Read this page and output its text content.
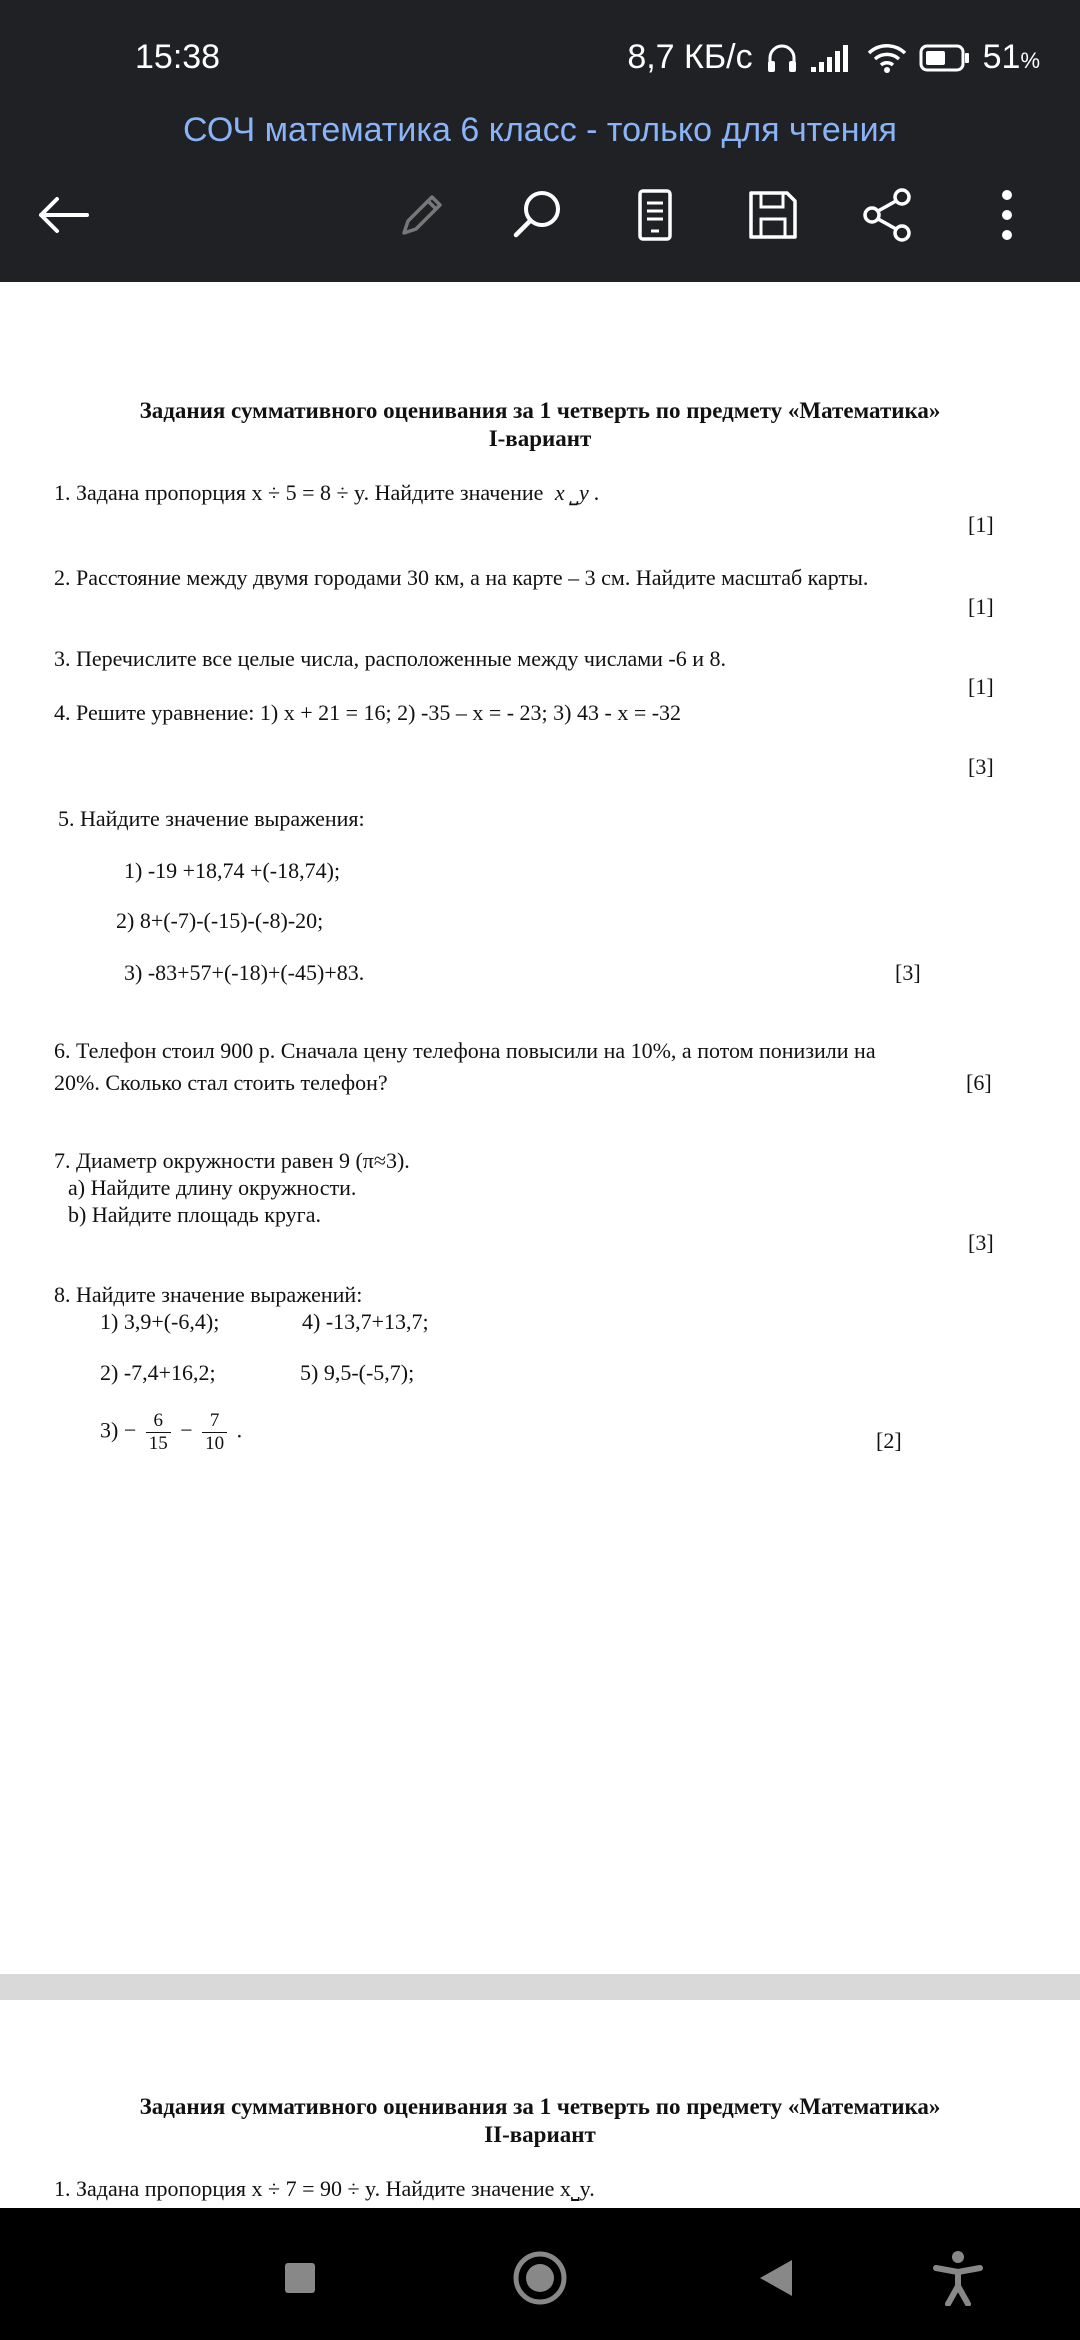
15:38	8,7 КБ/с	51%
СОЧ математика 6 класс - только для чтения
Задания суммативного оценивания за 1 четверть по предмету «Математика»
I-вариант
1. Задана пропорция x ÷ 5 = 8 ÷ y. Найдите значение x ⎵y .
[1]
2. Расстояние между двумя городами 30 км, а на карте – 3 см. Найдите масштаб карты.
[1]
3. Перечислите все целые числа, расположенные между числами -6 и 8.
[1]
4. Решите уравнение: 1) x + 21 = 16; 2) -35 – x = - 23; 3) 43 - x = -32
[3]
5. Найдите значение выражения:
1) -19 +18,74 +(-18,74);
2) 8+(-7)-(-15)-(-8)-20;
3) -83+57+(-18)+(-45)+83.	[3]
6. Телефон стоил 900 р. Сначала цену телефона повысили на 10%, а потом понизили на
20%. Сколько стал стоить телефон?	[6]
7. Диаметр окружности равен 9 (π≈3).
a) Найдите длину окружности.
b) Найдите площадь круга.
[3]
8. Найдите значение выражений:
1) 3,9+(-6,4);	4) -13,7+13,7;
2) -7,4+16,2;	5) 9,5-(-5,7);
$3) - \frac{6}{15} - \frac{7}{10}$ .	[2]
Задания суммативного оценивания за 1 четверть по предмету «Математика»
II-вариант
1. Задана пропорция x ÷ 7 = 90 ÷ y. Найдите значение x⎵y.
